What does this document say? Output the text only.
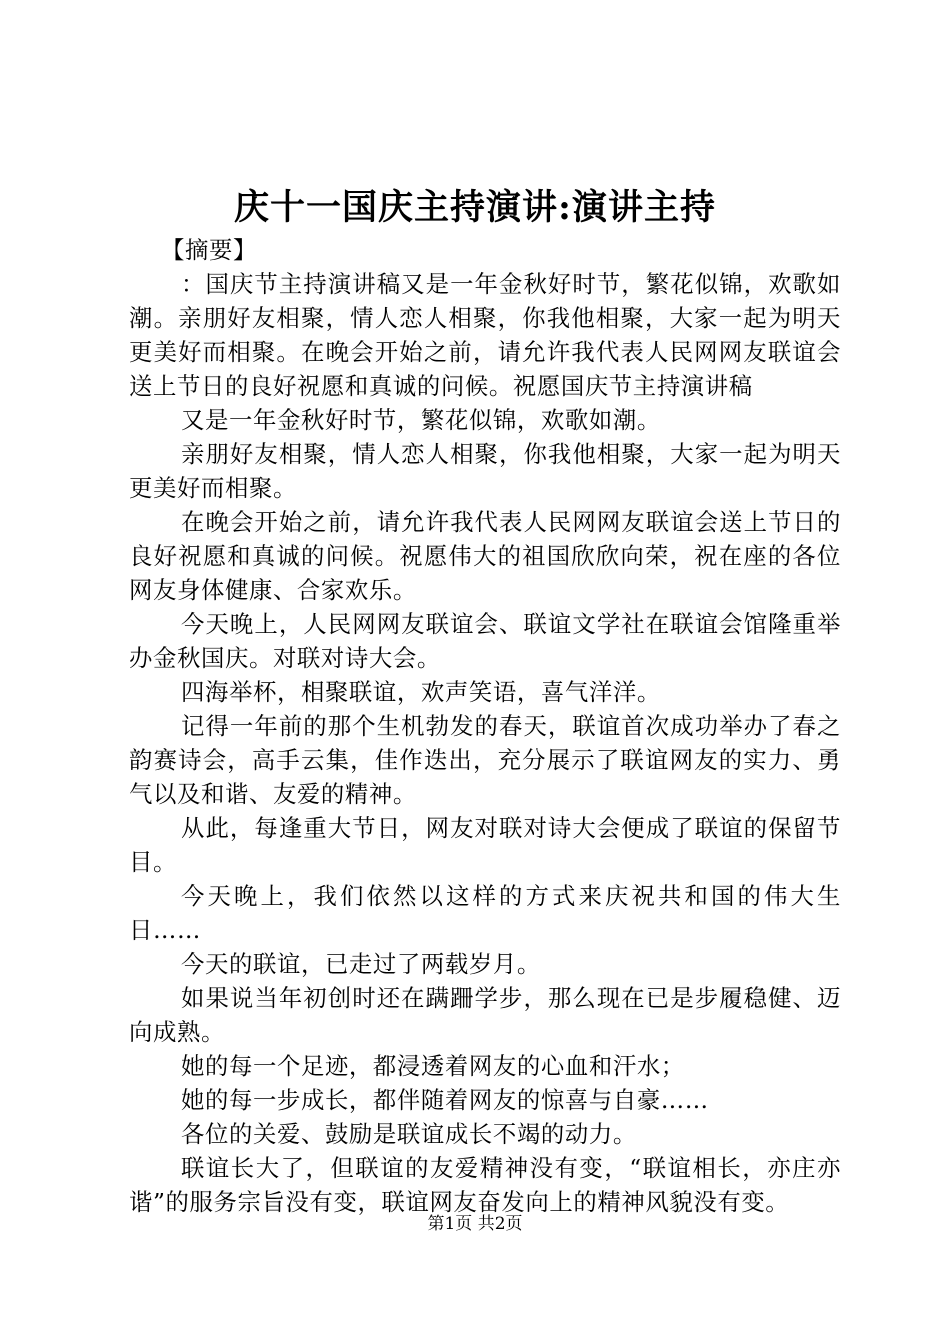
庆十一国庆主持演讲:演讲主持

【摘要】

：国庆节主持演讲稿又是一年金秋好时节，繁花似锦，欢歌如潮。亲朋好友相聚，情人恋人相聚，你我他相聚，大家一起为明天更美好而相聚。在晚会开始之前，请允许我代表人民网网友联谊会送上节日的良好祝愿和真诚的问候。祝愿国庆节主持演讲稿

又是一年金秋好时节，繁花似锦，欢歌如潮。

亲朋好友相聚，情人恋人相聚，你我他相聚，大家一起为明天更美好而相聚。

在晚会开始之前，请允许我代表人民网网友联谊会送上节日的良好祝愿和真诚的问候。祝愿伟大的祖国欣欣向荣，祝在座的各位网友身体健康、合家欢乐。

今天晚上，人民网网友联谊会、联谊文学社在联谊会馆隆重举办金秋国庆。对联对诗大会。

四海举杯，相聚联谊，欢声笑语，喜气洋洋。

记得一年前的那个生机勃发的春天，联谊首次成功举办了春之韵赛诗会，高手云集，佳作迭出，充分展示了联谊网友的实力、勇气以及和谐、友爱的精神。

从此，每逢重大节日，网友对联对诗大会便成了联谊的保留节目。

今天晚上，我们依然以这样的方式来庆祝共和国的伟大生日……

今天的联谊，已走过了两载岁月。

如果说当年初创时还在蹒跚学步，那么现在已是步履稳健、迈向成熟。

她的每一个足迹，都浸透着网友的心血和汗水；

她的每一步成长，都伴随着网友的惊喜与自豪……

各位的关爱、鼓励是联谊成长不竭的动力。

联谊长大了，但联谊的友爱精神没有变，“联谊相长，亦庄亦谐”的服务宗旨没有变，联谊网友奋发向上的精神风貌没有变。

第1页 共2页
